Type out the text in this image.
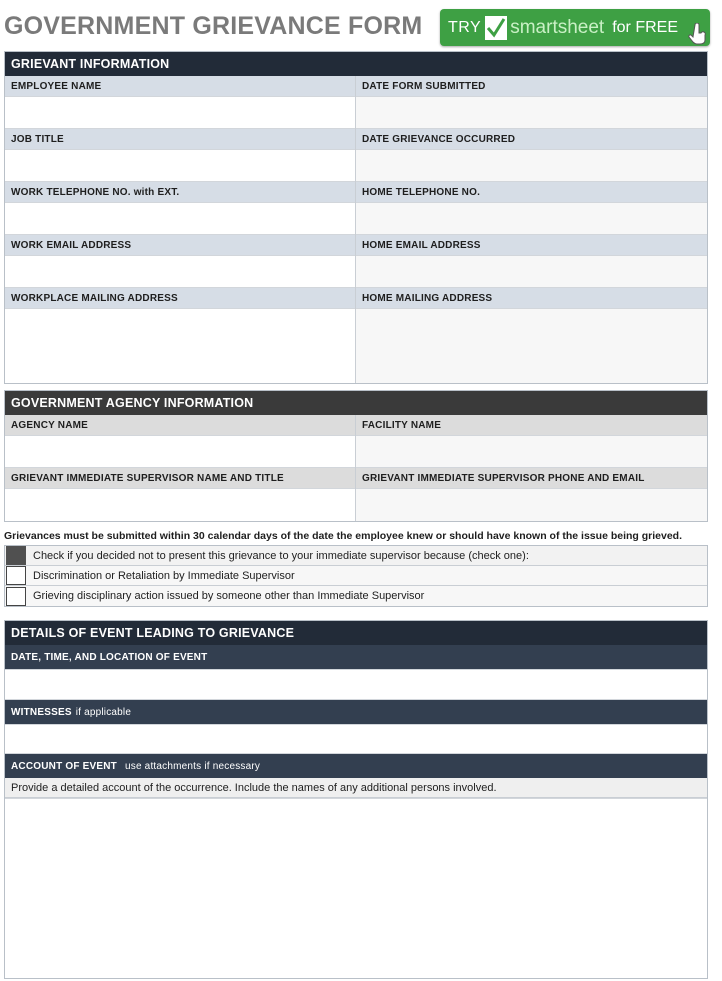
GOVERNMENT GRIEVANCE FORM TRY smartsheet for FREE
GRIEVANT INFORMATION
EMPLOYEE NAME	DATE FORM SUBMITTED
JOB TITLE	DATE GRIEVANCE OCCURRED
WORK TELEPHONE NO. with EXT.	HOME TELEPHONE NO.
WORK EMAIL ADDRESS	HOME EMAIL ADDRESS
WORKPLACE MAILING ADDRESS	HOME MAILING ADDRESS
GOVERNMENT AGENCY INFORMATION
AGENCY NAME	FACILITY NAME
GRIEVANT IMMEDIATE SUPERVISOR NAME AND TITLE	GRIEVANT IMMEDIATE SUPERVISOR PHONE AND EMAIL
Grievances must be submitted within 30 calendar days of the date the employee knew or should have known of the issue being grieved.
Check if you decided not to present this grievance to your immediate supervisor because (check one):
Discrimination or Retaliation by Immediate Supervisor
Grieving disciplinary action issued by someone other than Immediate Supervisor
DETAILS OF EVENT LEADING TO GRIEVANCE
DATE, TIME, AND LOCATION OF EVENT
WITNESSES if applicable
ACCOUNT OF EVENT use attachments if necessary
Provide a detailed account of the occurrence. Include the names of any additional persons involved.
